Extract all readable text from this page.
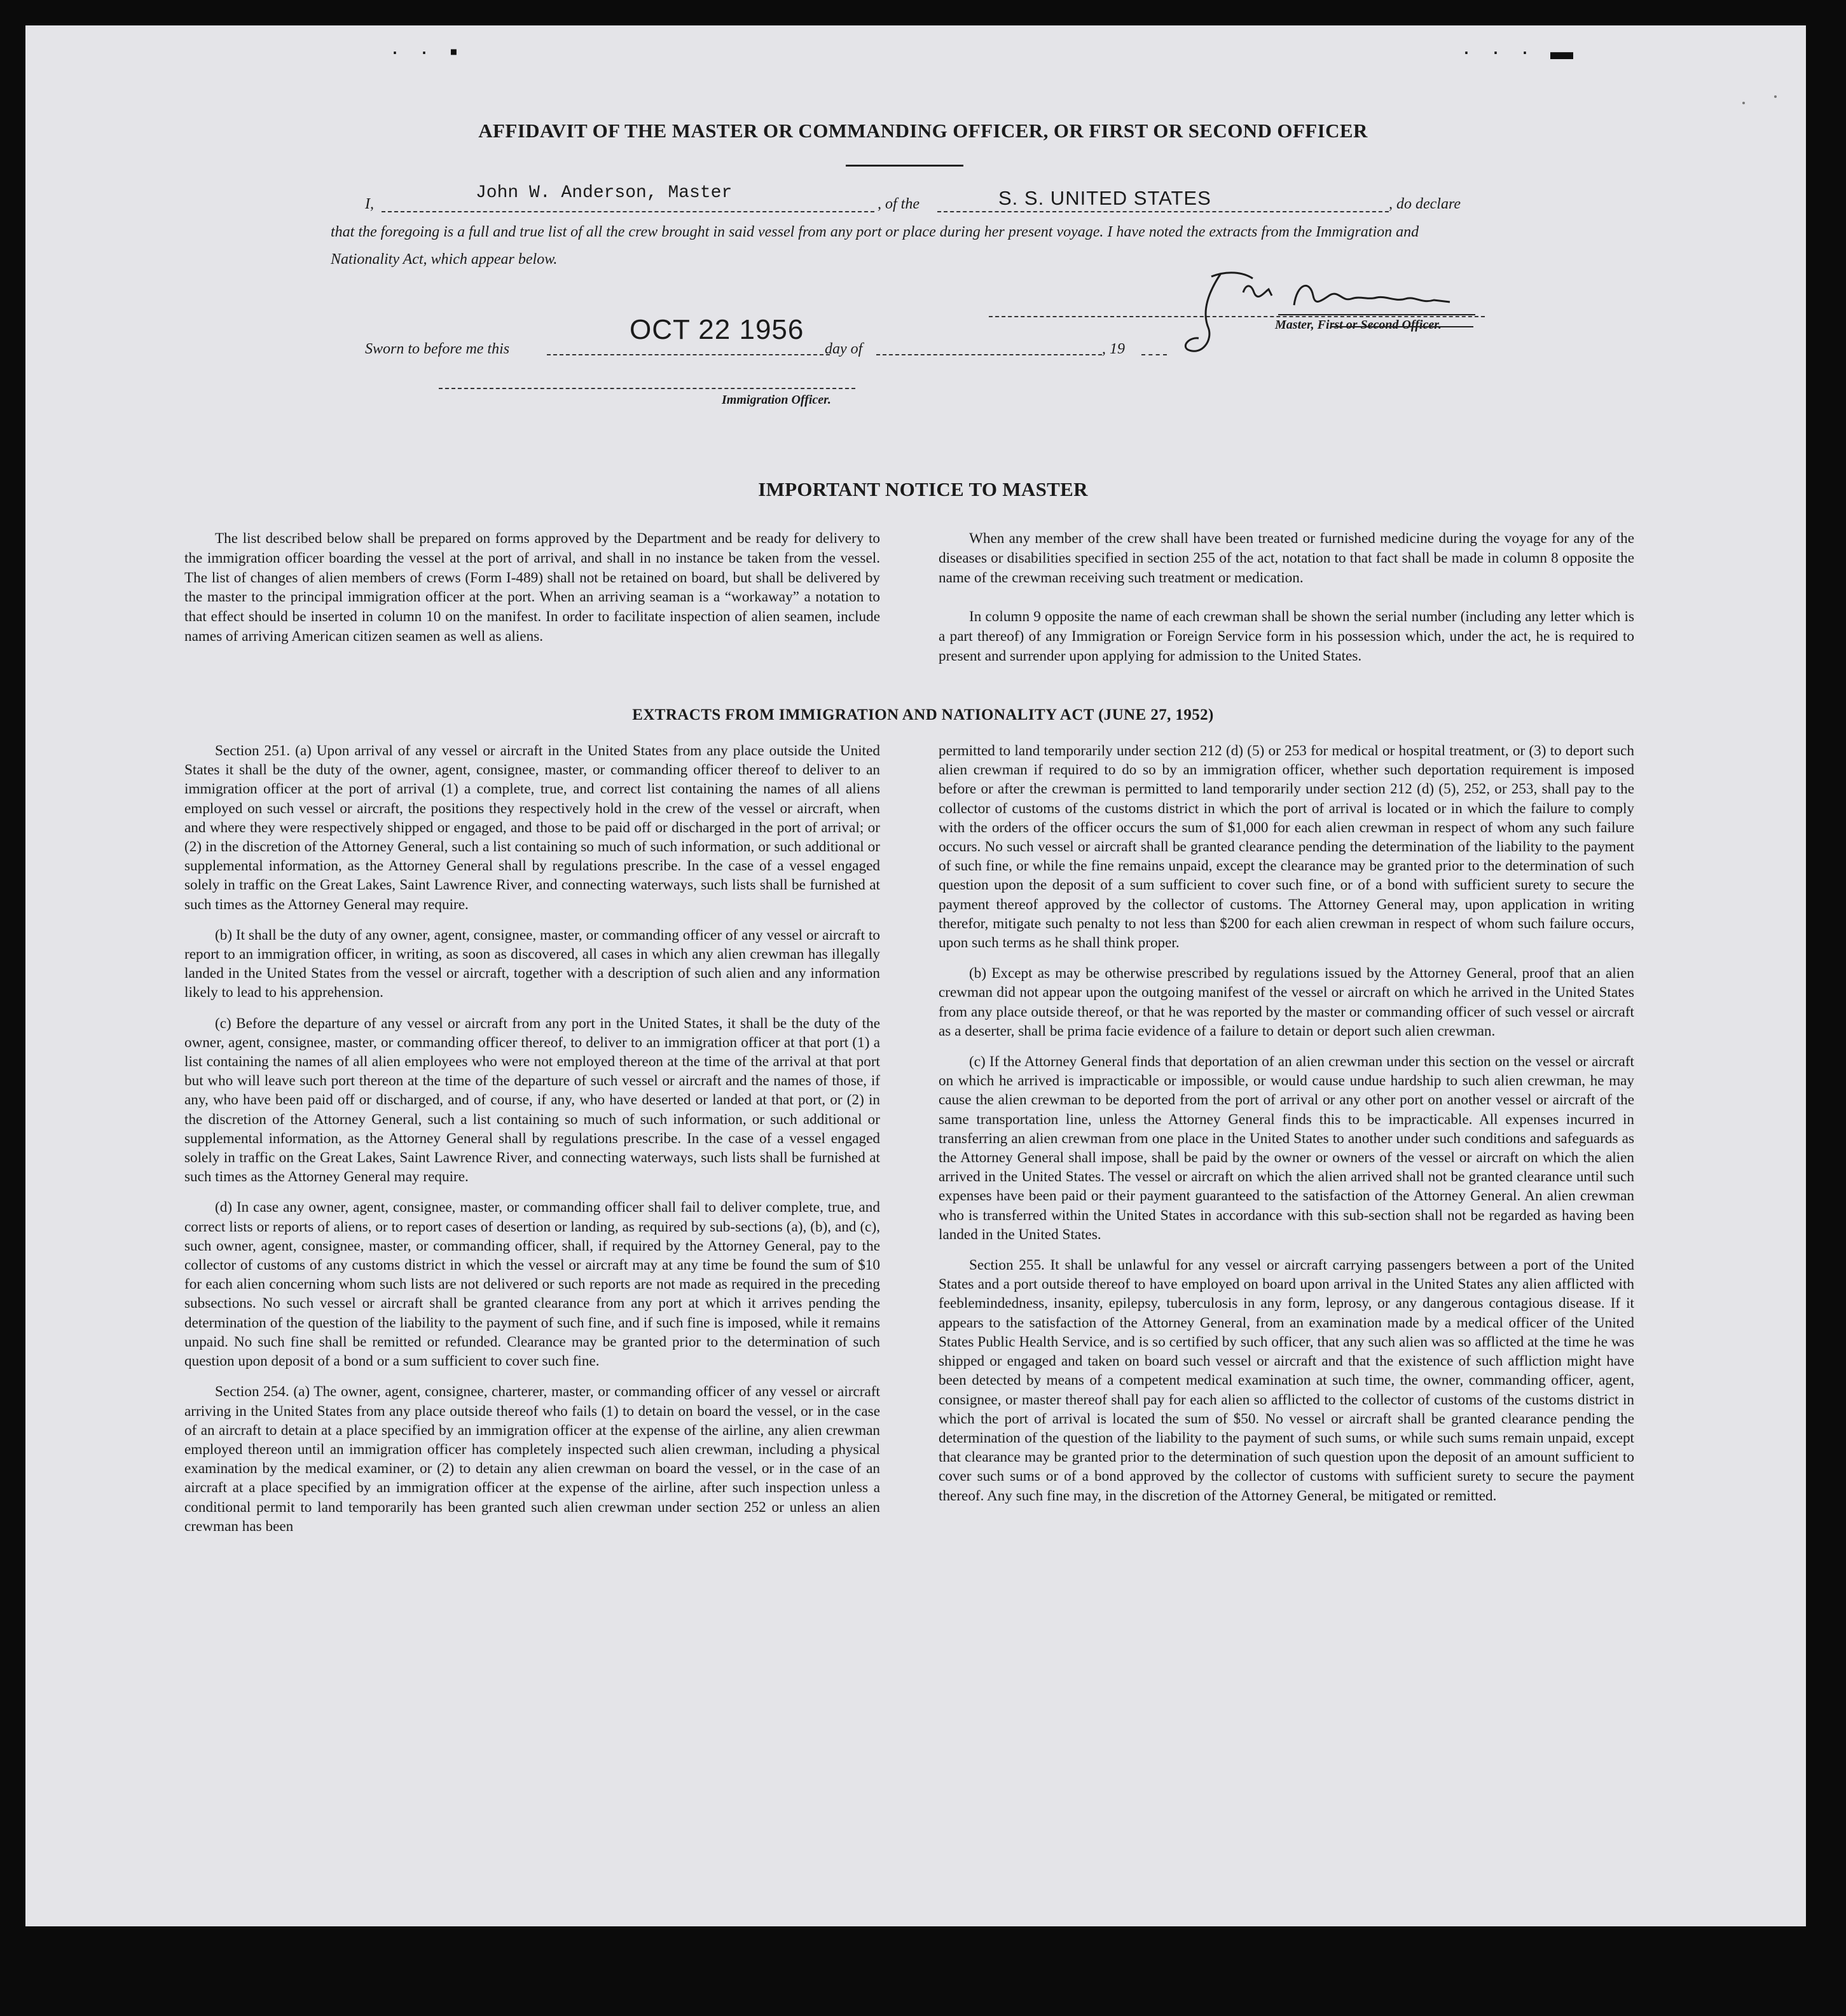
· · ▪	· · · ▬
AFFIDAVIT OF THE MASTER OR COMMANDING OFFICER, OR FIRST OR SECOND OFFICER
I,
John W. Anderson, Master
, of the	S. S. UNITED STATES	, do declare
that the foregoing is a full and true list of all the crew brought in said vessel from any port or place during her present voyage. I have noted the extracts from the Immigration and Nationality Act, which appear below.
Master, First or Second Officer.
Sworn to before me this
OCT 22 1956
day of	, 19
Immigration Officer.
IMPORTANT NOTICE TO MASTER

The list described below shall be prepared on forms approved by the Department and be ready for delivery to the immigration officer boarding the vessel at the port of arrival, and shall in no instance be taken from the vessel. The list of changes of alien members of crews (Form I-489) shall not be retained on board, but shall be delivered by the master to the principal immigration officer at the port. When an arriving seaman is a “workaway” a notation to that effect should be inserted in column 10 on the manifest. In order to facilitate inspection of alien seamen, include names of arriving American citizen seamen as well as aliens.

When any member of the crew shall have been treated or furnished medicine during the voyage for any of the diseases or disabilities specified in section 255 of the act, notation to that fact shall be made in column 8 opposite the name of the crewman receiving such treatment or medication.

In column 9 opposite the name of each crewman shall be shown the serial number (including any letter which is a part thereof) of any Immigration or Foreign Service form in his possession which, under the act, he is required to present and surrender upon applying for admission to the United States.

EXTRACTS FROM IMMIGRATION AND NATIONALITY ACT (JUNE 27, 1952)

Section 251. (a) Upon arrival of any vessel or aircraft in the United States from any place outside the United States it shall be the duty of the owner, agent, consignee, master, or commanding officer thereof to deliver to an immigration officer at the port of arrival (1) a complete, true, and correct list containing the names of all aliens employed on such vessel or aircraft, the positions they respectively hold in the crew of the vessel or aircraft, when and where they were respectively shipped or engaged, and those to be paid off or discharged in the port of arrival; or (2) in the discretion of the Attorney General, such a list containing so much of such information, or such additional or supplemental information, as the Attorney General shall by regulations prescribe. In the case of a vessel engaged solely in traffic on the Great Lakes, Saint Lawrence River, and connecting waterways, such lists shall be furnished at such times as the Attorney General may require.

(b) It shall be the duty of any owner, agent, consignee, master, or commanding officer of any vessel or aircraft to report to an immigration officer, in writing, as soon as discovered, all cases in which any alien crewman has illegally landed in the United States from the vessel or aircraft, together with a description of such alien and any information likely to lead to his apprehension.

(c) Before the departure of any vessel or aircraft from any port in the United States, it shall be the duty of the owner, agent, consignee, master, or commanding officer thereof, to deliver to an immigration officer at that port (1) a list containing the names of all alien employees who were not employed thereon at the time of the arrival at that port but who will leave such port thereon at the time of the departure of such vessel or aircraft and the names of those, if any, who have been paid off or discharged, and of course, if any, who have deserted or landed at that port, or (2) in the discretion of the Attorney General, such a list containing so much of such information, or such additional or supplemental information, as the Attorney General shall by regulations prescribe. In the case of a vessel engaged solely in traffic on the Great Lakes, Saint Lawrence River, and connecting waterways, such lists shall be furnished at such times as the Attorney General may require.

(d) In case any owner, agent, consignee, master, or commanding officer shall fail to deliver complete, true, and correct lists or reports of aliens, or to report cases of desertion or landing, as required by sub-sections (a), (b), and (c), such owner, agent, consignee, master, or commanding officer, shall, if required by the Attorney General, pay to the collector of customs of any customs district in which the vessel or aircraft may at any time be found the sum of $10 for each alien concerning whom such lists are not delivered or such reports are not made as required in the preceding subsections. No such vessel or aircraft shall be granted clearance from any port at which it arrives pending the determination of the question of the liability to the payment of such fine, and if such fine is imposed, while it remains unpaid. No such fine shall be remitted or refunded. Clearance may be granted prior to the determination of such question upon deposit of a bond or a sum sufficient to cover such fine.

Section 254. (a) The owner, agent, consignee, charterer, master, or commanding officer of any vessel or aircraft arriving in the United States from any place outside thereof who fails (1) to detain on board the vessel, or in the case of an aircraft to detain at a place specified by an immigration officer at the expense of the airline, any alien crewman employed thereon until an immigration officer has completely inspected such alien crewman, including a physical examination by the medical examiner, or (2) to detain any alien crewman on board the vessel, or in the case of an aircraft at a place specified by an immigration officer at the expense of the airline, after such inspection unless a conditional permit to land temporarily has been granted such alien crewman under section 252 or unless an alien crewman has been

permitted to land temporarily under section 212 (d) (5) or 253 for medical or hospital treatment, or (3) to deport such alien crewman if required to do so by an immigration officer, whether such deportation requirement is imposed before or after the crewman is permitted to land temporarily under section 212 (d) (5), 252, or 253, shall pay to the collector of customs of the customs district in which the port of arrival is located or in which the failure to comply with the orders of the officer occurs the sum of $1,000 for each alien crewman in respect of whom any such failure occurs. No such vessel or aircraft shall be granted clearance pending the determination of the liability to the payment of such fine, or while the fine remains unpaid, except the clearance may be granted prior to the determination of such question upon the deposit of a sum sufficient to cover such fine, or of a bond with sufficient surety to secure the payment thereof approved by the collector of customs. The Attorney General may, upon application in writing therefor, mitigate such penalty to not less than $200 for each alien crewman in respect of whom such failure occurs, upon such terms as he shall think proper.

(b) Except as may be otherwise prescribed by regulations issued by the Attorney General, proof that an alien crewman did not appear upon the outgoing manifest of the vessel or aircraft on which he arrived in the United States from any place outside thereof, or that he was reported by the master or commanding officer of such vessel or aircraft as a deserter, shall be prima facie evidence of a failure to detain or deport such alien crewman.

(c) If the Attorney General finds that deportation of an alien crewman under this section on the vessel or aircraft on which he arrived is impracticable or impossible, or would cause undue hardship to such alien crewman, he may cause the alien crewman to be deported from the port of arrival or any other port on another vessel or aircraft of the same transportation line, unless the Attorney General finds this to be impracticable. All expenses incurred in transferring an alien crewman from one place in the United States to another under such conditions and safeguards as the Attorney General shall impose, shall be paid by the owner or owners of the vessel or aircraft on which the alien arrived in the United States. The vessel or aircraft on which the alien arrived shall not be granted clearance until such expenses have been paid or their payment guaranteed to the satisfaction of the Attorney General. An alien crewman who is transferred within the United States in accordance with this sub-section shall not be regarded as having been landed in the United States.

Section 255. It shall be unlawful for any vessel or aircraft carrying passengers between a port of the United States and a port outside thereof to have employed on board upon arrival in the United States any alien afflicted with feeblemindedness, insanity, epilepsy, tuberculosis in any form, leprosy, or any dangerous contagious disease. If it appears to the satisfaction of the Attorney General, from an examination made by a medical officer of the United States Public Health Service, and is so certified by such officer, that any such alien was so afflicted at the time he was shipped or engaged and taken on board such vessel or aircraft and that the existence of such affliction might have been detected by means of a competent medical examination at such time, the owner, commanding officer, agent, consignee, or master thereof shall pay for each alien so afflicted to the collector of customs of the customs district in which the port of arrival is located the sum of $50. No vessel or aircraft shall be granted clearance pending the determination of the question of the liability to the payment of such sums, or while such sums remain unpaid, except that clearance may be granted prior to the determination of such question upon the deposit of an amount sufficient to cover such sums or of a bond approved by the collector of customs with sufficient surety to secure the payment thereof. Any such fine may, in the discretion of the Attorney General, be mitigated or remitted.
